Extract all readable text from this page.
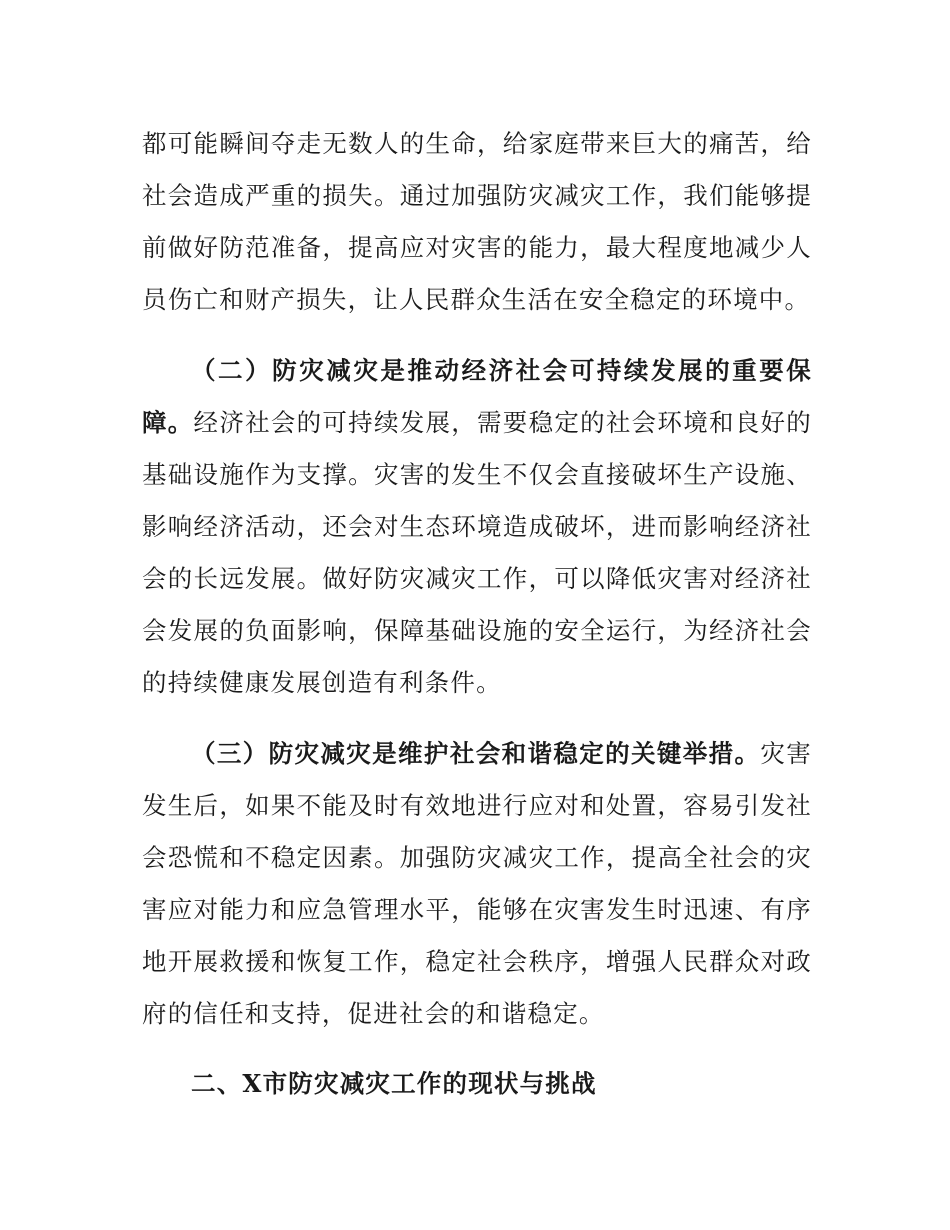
都可能瞬间夺走无数人的生命，给家庭带来巨大的痛苦，给社会造成严重的损失。通过加强防灾减灾工作，我们能够提前做好防范准备，提高应对灾害的能力，最大程度地减少人员伤亡和财产损失，让人民群众生活在安全稳定的环境中。

（二）防灾减灾是推动经济社会可持续发展的重要保障。经济社会的可持续发展，需要稳定的社会环境和良好的基础设施作为支撑。灾害的发生不仅会直接破坏生产设施、影响经济活动，还会对生态环境造成破坏，进而影响经济社会的长远发展。做好防灾减灾工作，可以降低灾害对经济社会发展的负面影响，保障基础设施的安全运行，为经济社会的持续健康发展创造有利条件。

（三）防灾减灾是维护社会和谐稳定的关键举措。灾害发生后，如果不能及时有效地进行应对和处置，容易引发社会恐慌和不稳定因素。加强防灾减灾工作，提高全社会的灾害应对能力和应急管理水平，能够在灾害发生时迅速、有序地开展救援和恢复工作，稳定社会秩序，增强人民群众对政府的信任和支持，促进社会的和谐稳定。

二、X市防灾减灾工作的现状与挑战
